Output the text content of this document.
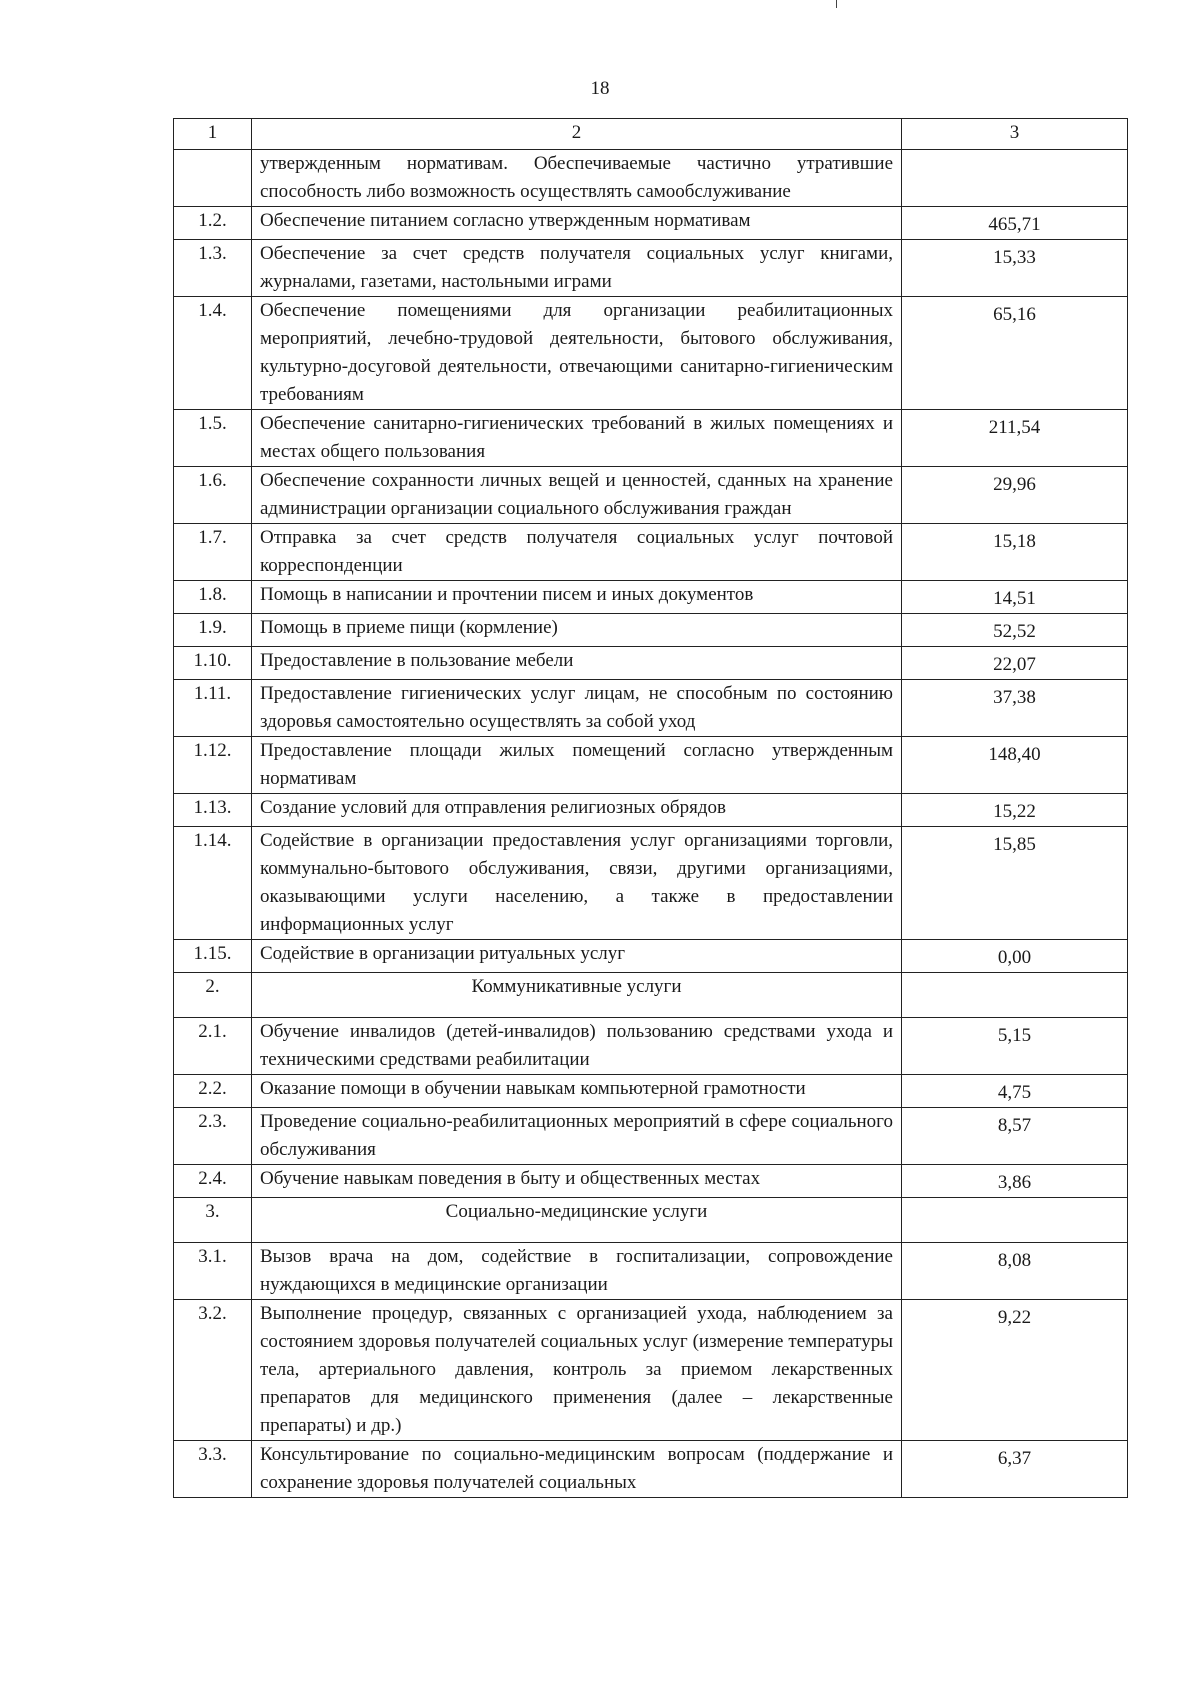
18
1	2	3
	утвержденным нормативам. Обеспечиваемые частично утратившие способность либо возможность осуществлять самообслуживание	
1.2.	Обеспечение питанием согласно утвержденным нормативам	465,71
1.3.	Обеспечение за счет средств получателя социальных услуг книгами, журналами, газетами, настольными играми	15,33
1.4.	Обеспечение помещениями для организации реабилитационных мероприятий, лечебно-трудовой деятельности, бытового обслуживания, культурно-досуговой деятельности, отвечающими санитарно-гигиеническим требованиям	65,16
1.5.	Обеспечение санитарно-гигиенических требований в жилых помещениях и местах общего пользования	211,54
1.6.	Обеспечение сохранности личных вещей и ценностей, сданных на хранение администрации организации социального обслуживания граждан	29,96
1.7.	Отправка за счет средств получателя социальных услуг почтовой корреспонденции	15,18
1.8.	Помощь в написании и прочтении писем и иных документов	14,51
1.9.	Помощь в приеме пищи (кормление)	52,52
1.10.	Предоставление в пользование мебели	22,07
1.11.	Предоставление гигиенических услуг лицам, не способным по состоянию здоровья самостоятельно осуществлять за собой уход	37,38
1.12.	Предоставление площади жилых помещений согласно утвержденным нормативам	148,40
1.13.	Создание условий для отправления религиозных обрядов	15,22
1.14.	Содействие в организации предоставления услуг организациями торговли, коммунально-бытового обслуживания, связи, другими организациями, оказывающими услуги населению, а также в предоставлении информационных услуг	15,85
1.15.	Содействие в организации ритуальных услуг	0,00
2.	Коммуникативные услуги	
2.1.	Обучение инвалидов (детей-инвалидов) пользованию средствами ухода и техническими средствами реабилитации	5,15
2.2.	Оказание помощи в обучении навыкам компьютерной грамотности	4,75
2.3.	Проведение социально-реабилитационных мероприятий в сфере социального обслуживания	8,57
2.4.	Обучение навыкам поведения в быту и общественных местах	3,86
3.	Социально-медицинские услуги	
3.1.	Вызов врача на дом, содействие в госпитализации, сопровождение нуждающихся в медицинские организации	8,08
3.2.	Выполнение процедур, связанных с организацией ухода, наблюдением за состоянием здоровья получателей социальных услуг (измерение температуры тела, артериального давления, контроль за приемом лекарственных препаратов для медицинского применения (далее – лекарственные препараты) и др.)	9,22
3.3.	Консультирование по социально-медицинским вопросам (поддержание и сохранение здоровья получателей социальных	6,37
